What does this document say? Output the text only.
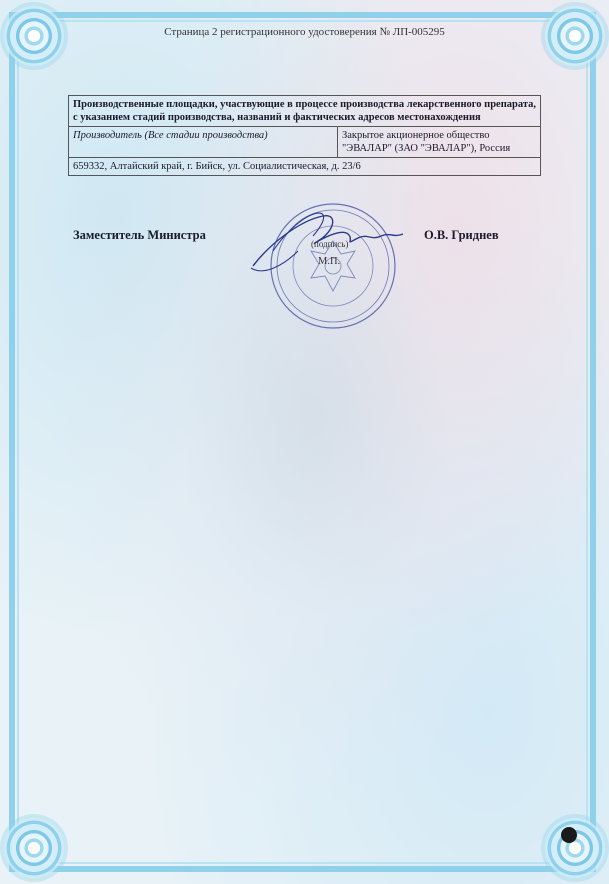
Страница 2 регистрационного удостоверения № ЛП-005295
Производственные площадки, участвующие в процессе производства лекарственного препарата, с указанием стадий производства, названий и фактических адресов местонахождения
Производитель (Все стадии производства)	Закрытое акционерное общество
"ЭВАЛАР" (ЗАО "ЭВАЛАР"), Россия

659332, Алтайский край, г. Бийск, ул. Социалистическая, д. 23/6
Заместитель Министра
(подпись)
М.П.
О.В. Гриднев
